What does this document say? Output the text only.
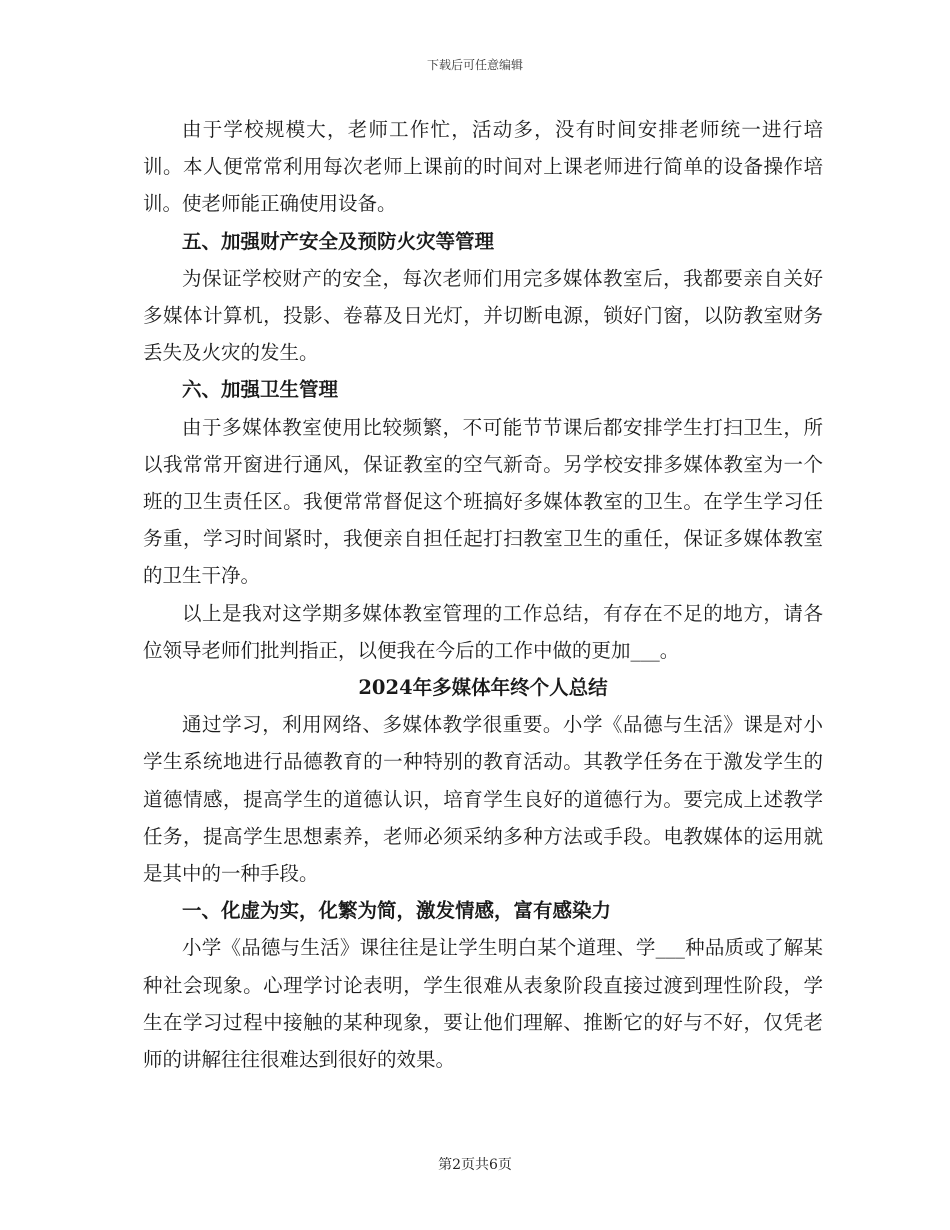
下载后可任意编辑

由于学校规模大，老师工作忙，活动多，没有时间安排老师统一进行培训。本人便常常利用每次老师上课前的时间对上课老师进行简单的设备操作培训。使老师能正确使用设备。

五、加强财产安全及预防火灾等管理

为保证学校财产的安全，每次老师们用完多媒体教室后，我都要亲自关好多媒体计算机，投影、卷幕及日光灯，并切断电源，锁好门窗，以防教室财务丢失及火灾的发生。

六、加强卫生管理

由于多媒体教室使用比较频繁，不可能节节课后都安排学生打扫卫生，所以我常常开窗进行通风，保证教室的空气新奇。另学校安排多媒体教室为一个班的卫生责任区。我便常常督促这个班搞好多媒体教室的卫生。在学生学习任务重，学习时间紧时，我便亲自担任起打扫教室卫生的重任，保证多媒体教室的卫生干净。

以上是我对这学期多媒体教室管理的工作总结，有存在不足的地方，请各位领导老师们批判指正，以便我在今后的工作中做的更加___。

2024年多媒体年终个人总结

通过学习，利用网络、多媒体教学很重要。小学《品德与生活》课是对小学生系统地进行品德教育的一种特别的教育活动。其教学任务在于激发学生的道德情感，提高学生的道德认识，培育学生良好的道德行为。要完成上述教学任务，提高学生思想素养，老师必须采纳多种方法或手段。电教媒体的运用就是其中的一种手段。

一、化虚为实，化繁为简，激发情感，富有感染力

小学《品德与生活》课往往是让学生明白某个道理、学___种品质或了解某种社会现象。心理学讨论表明，学生很难从表象阶段直接过渡到理性阶段，学生在学习过程中接触的某种现象，要让他们理解、推断它的好与不好，仅凭老师的讲解往往很难达到很好的效果。

第2页共6页
